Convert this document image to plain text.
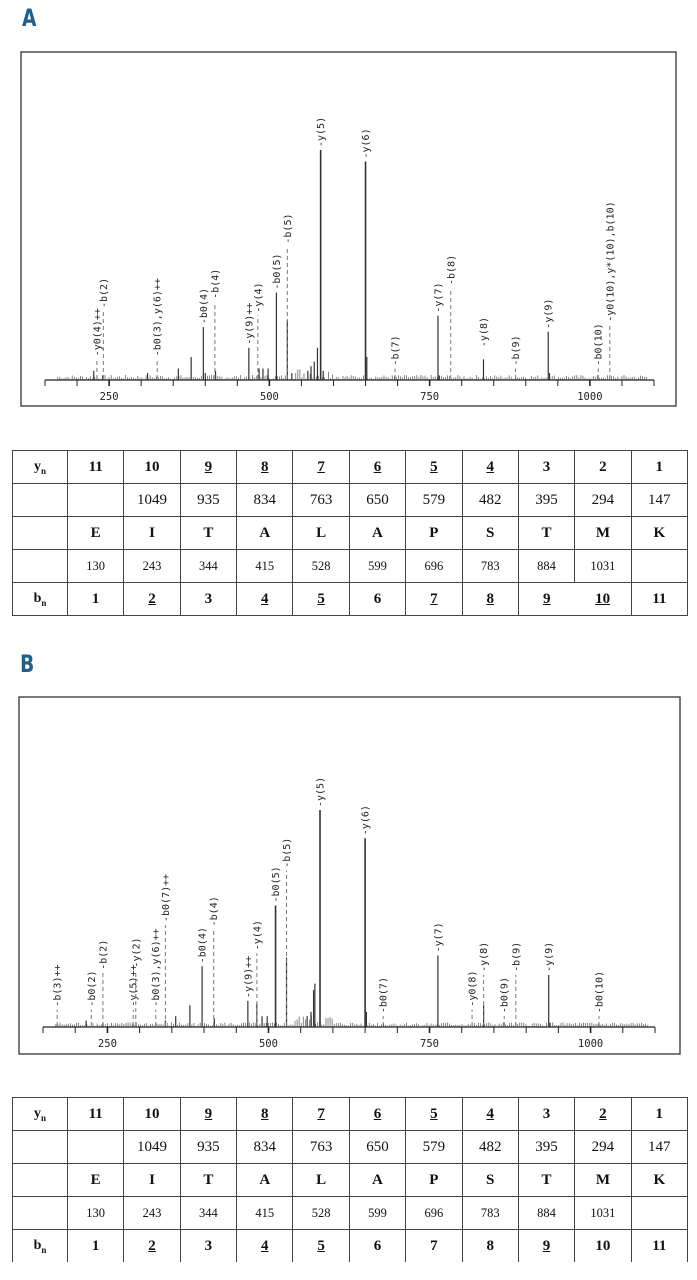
A
250	500	750	1000
-y0(4)++
-b(2)	-b0(3),y(6)++	-b0(4)
-b(4)
-y(9)++
-y(4)
-b0(5)
-b(5)
-y(5)	-y(6)
-b(7)
-y(7)
-b(8)
-y(8)
-b(9)
-y(9)
-b0(10)
-y0(10),y*(10),b(10)
$y_n$	11	10	9	8	7	6	5	4	3	2	1
		1049	935	834	763	650	579	482	395	294	147
	E	I	T	A	L	A	P	S	T	M	K
	130	243	344	415	528	599	696	783	884	1031	
$b_n$	1	2	3	4	5	6	7	8	9	10	11
B
250	500	750	1000
-b(3)++ -b0(2)
-b(2)
-y(5)++
-y(2) -b0(3),y(6)++
-b0(7)++
-b0(4)
-b(4)
-y(9)++
-y(4)
-b0(5)
-b(5)
-y(5)
-y(6)
-b0(7)
-y(7)
-y0(8)
-y(8)
-b0(9)
-b(9) -y(9)
-b0(10)
$y_n$	11	10	9	8	7	6	5	4	3	2	1
		1049	935	834	763	650	579	482	395	294	147
	E	I	T	A	L	A	P	S	T	M	K
	130	243	344	415	528	599	696	783	884	1031	
$b_n$	1	2	3	4	5	6	7	8	9	10	11
